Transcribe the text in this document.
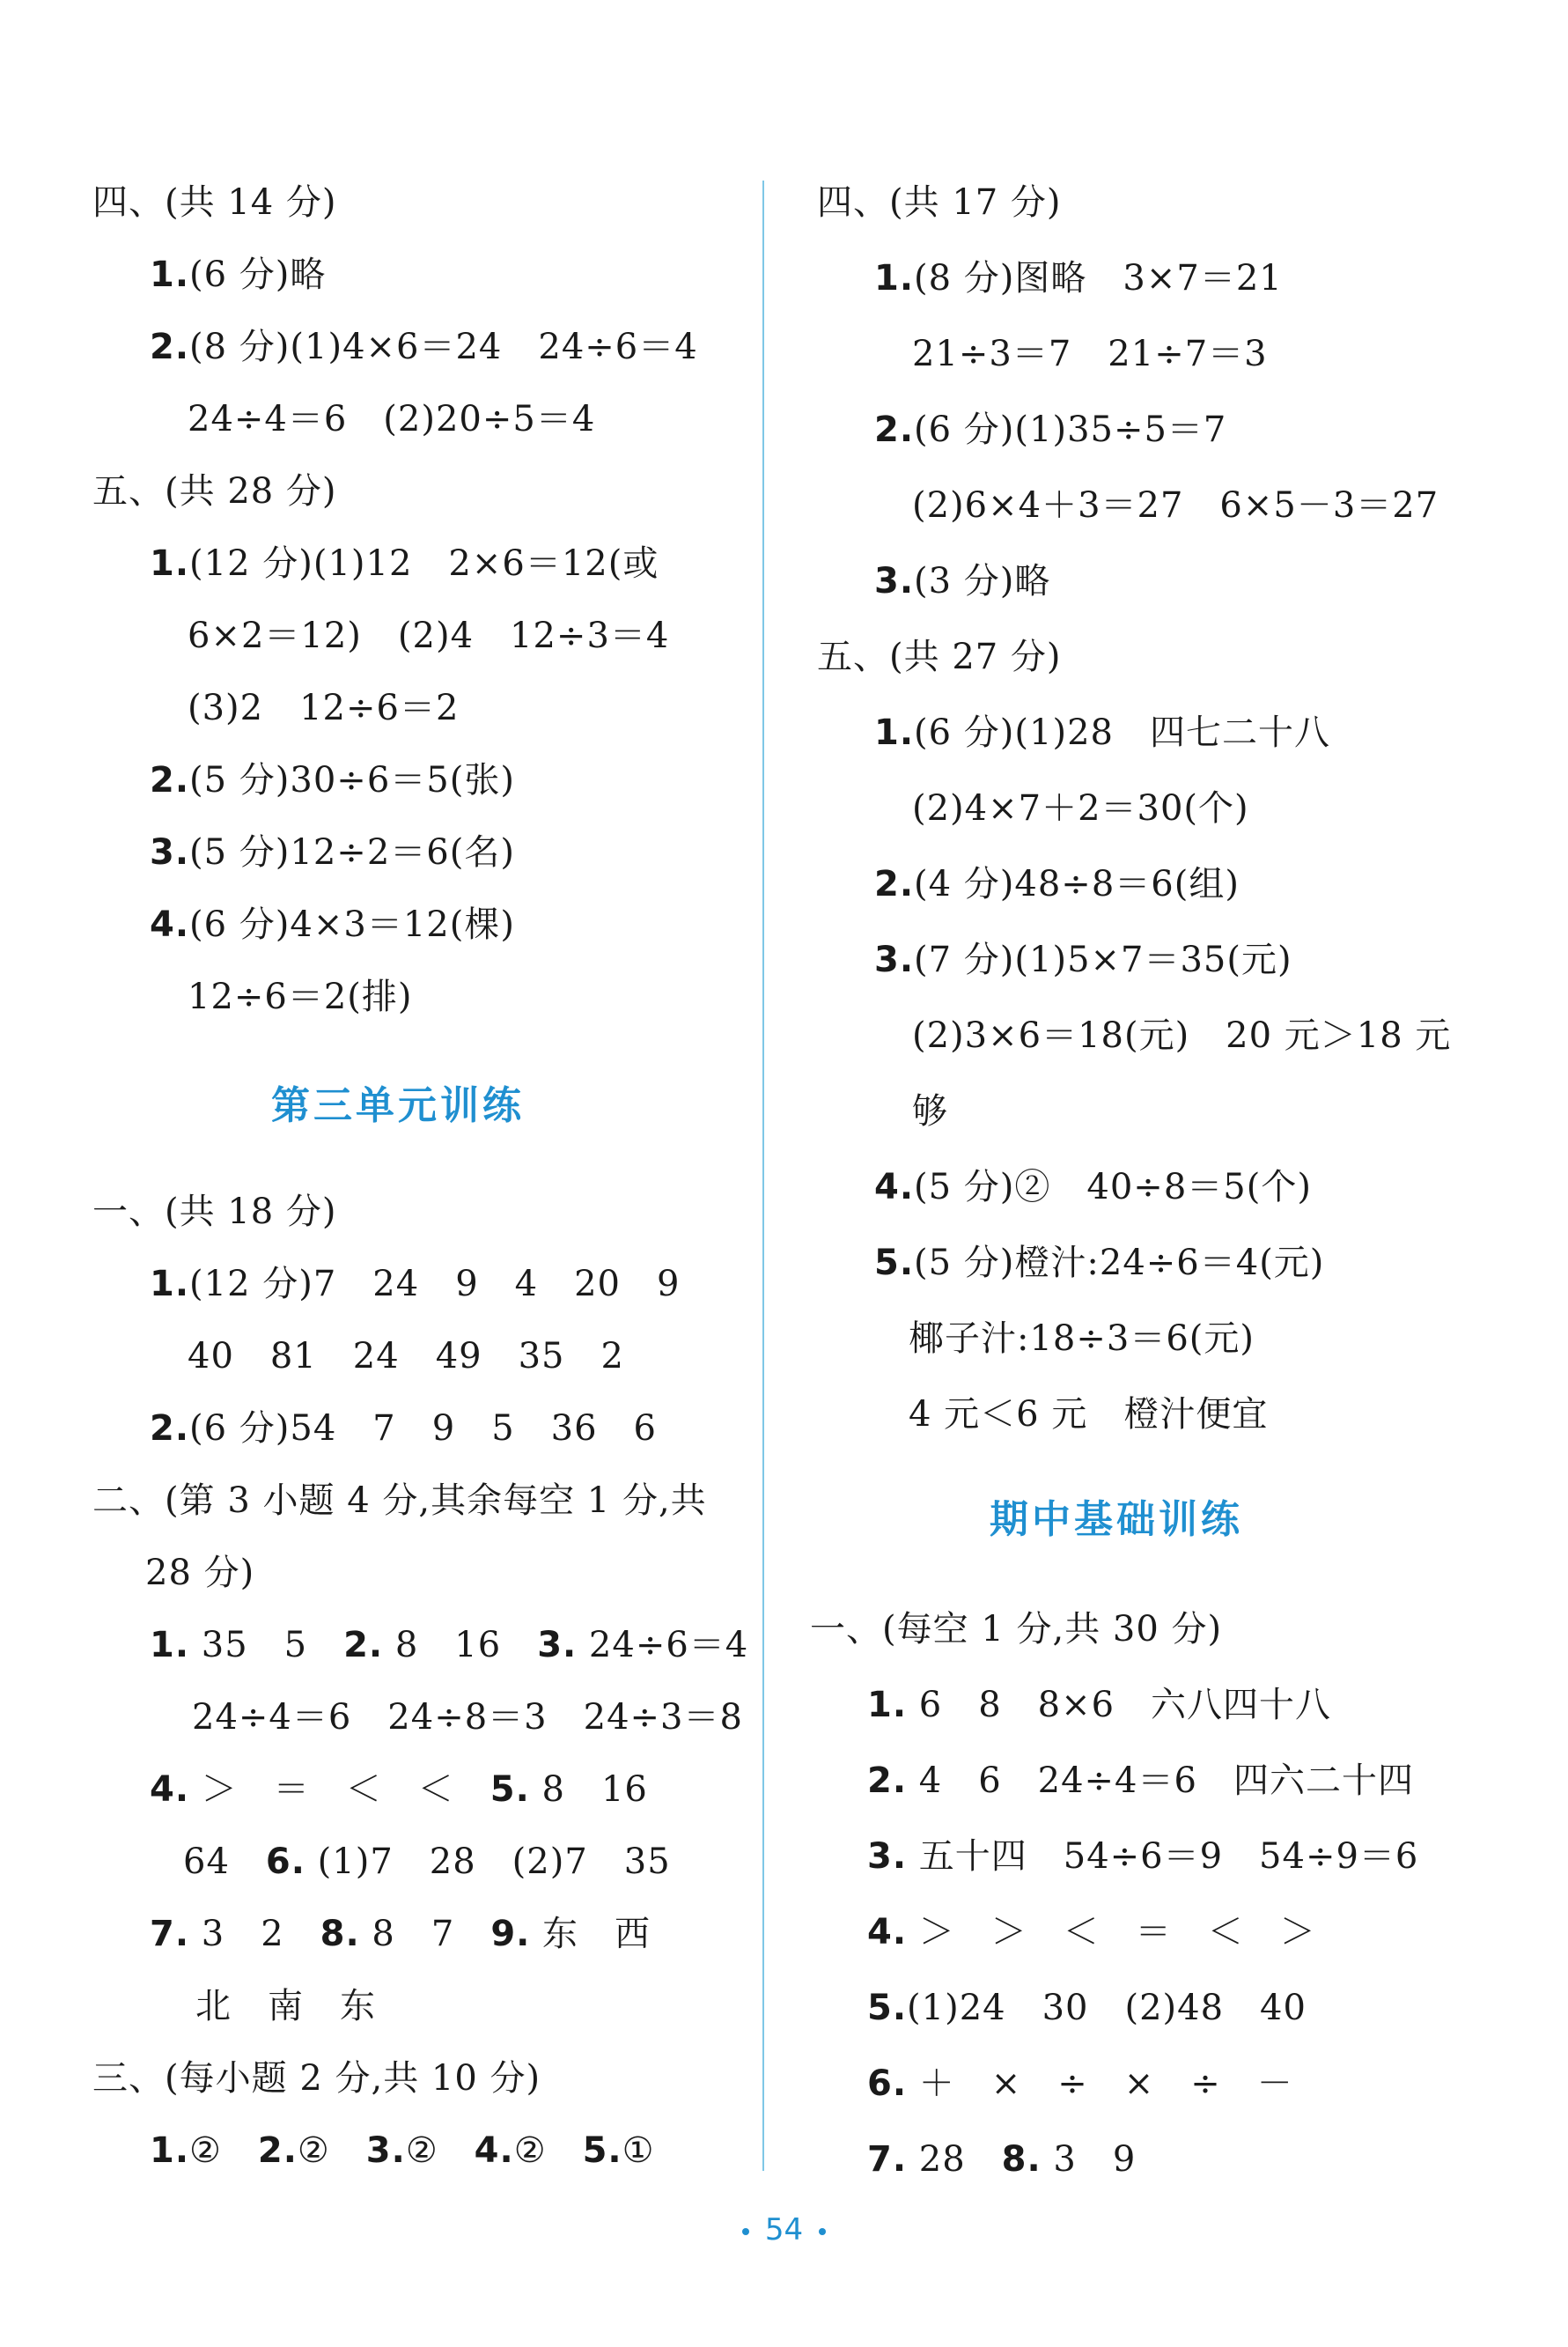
四、(共 14 分)
1.(6 分)略
2.(8 分)(1)4×6＝24　24÷6＝4
24÷4＝6　(2)20÷5＝4
五、(共 28 分)
1.(12 分)(1)12　2×6＝12(或
6×2＝12)　(2)4　12÷3＝4
(3)2　12÷6＝2
2.(5 分)30÷6＝5(张)
3.(5 分)12÷2＝6(名)
4.(6 分)4×3＝12(棵)
12÷6＝2(排)
第三单元训练
一、(共 18 分)
1.(12 分)7　24　9　4　20　9
40　81　24　49　35　2
2.(6 分)54　7　9　5　36　6
二、(第 3 小题 4 分,其余每空 1 分,共
28 分)
1. 35　5　2. 8　16　3. 24÷6＝4
24÷4＝6　24÷8＝3　24÷3＝8
4. ＞　＝　＜　＜　5. 8　16
64　6. (1)7　28　(2)7　35
7. 3　2　8. 8　7　9. 东　西
北　南　东
三、(每小题 2 分,共 10 分)
1.②　2.②　3.②　4.②　5.①
四、(共 17 分)
1.(8 分)图略　3×7＝21
21÷3＝7　21÷7＝3
2.(6 分)(1)35÷5＝7
(2)6×4＋3＝27　6×5－3＝27
3.(3 分)略
五、(共 27 分)
1.(6 分)(1)28　四七二十八
(2)4×7＋2＝30(个)
2.(4 分)48÷8＝6(组)
3.(7 分)(1)5×7＝35(元)
(2)3×6＝18(元)　20 元＞18 元
够
4.(5 分)②　40÷8＝5(个)
5.(5 分)橙汁:24÷6＝4(元)
椰子汁:18÷3＝6(元)
4 元＜6 元　橙汁便宜
期中基础训练
一、(每空 1 分,共 30 分)
1. 6　8　8×6　六八四十八
2. 4　6　24÷4＝6　四六二十四
3. 五十四　54÷6＝9　54÷9＝6
4. ＞　＞　＜　＝　＜　＞
5.(1)24　30　(2)48　40
6. ＋　×　÷　×　÷　－
7. 28　8. 3　9
54
